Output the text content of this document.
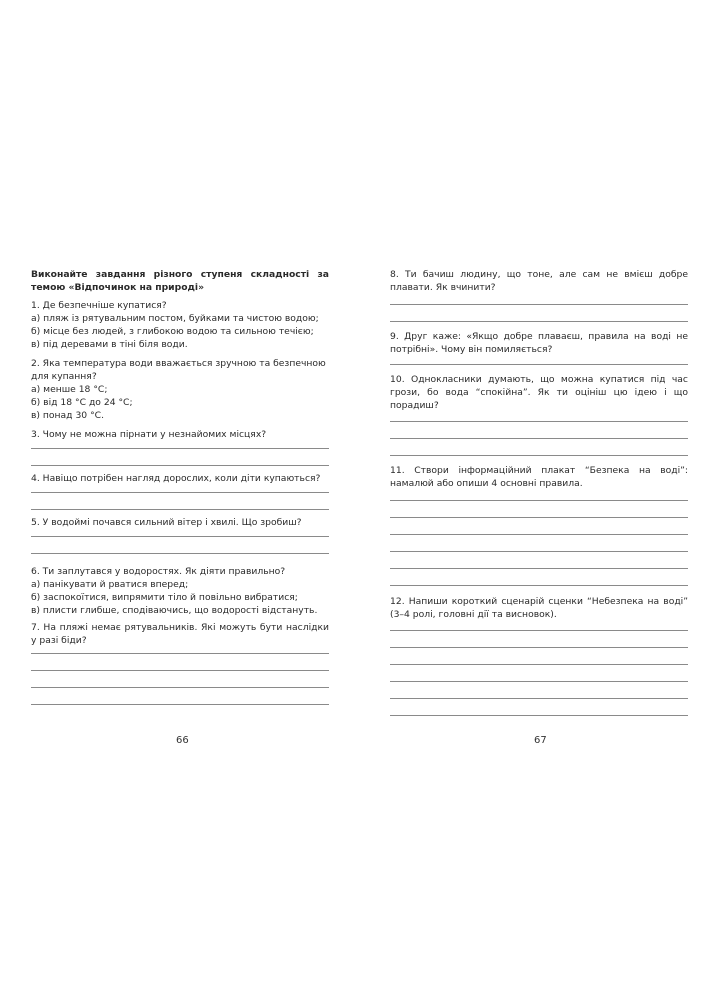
Виконайте завдання різного ступеня складності за темою «Відпочинок на природі»

1. Де безпечніше купатися?

а) пляж із рятувальним постом, буйками та чистою водою;

б) місце без людей, з глибокою водою та сильною течією;

в) під деревами в тіні біля води.

2. Яка температура води вважається зручною та безпечною для купання?

а) менше 18 °C;

б) від 18 °C до 24 °C;

в) понад 30 °C.

3. Чому не можна пірнати у незнайомих місцях?

4. Навіщо потрібен нагляд дорослих, коли діти купаються?

5. У водоймі почався сильний вітер і хвилі. Що зробиш?

6. Ти заплутався у водоростях. Як діяти правильно?

а) панікувати й рватися вперед;

б) заспокоїтися, випрямити тіло й повільно вибратися;

в) плисти глибше, сподіваючись, що водорості відстануть.

7. На пляжі немає рятувальників. Які можуть бути наслідки у разі біди?

8. Ти бачиш людину, що тоне, але сам не вмієш добре плавати. Як вчинити?

9. Друг каже: «Якщо добре плаваєш, правила на воді не потрібні». Чому він помиляється?

10. Однокласники думають, що можна купатися під час грози, бо вода “спокійна”. Як ти оцініш цю ідею і що порадиш?

11. Створи інформаційний плакат “Безпека на воді”: намалюй або опиши 4 основні правила.

12. Напиши короткий сценарій сценки “Небезпека на воді” (3–4 ролі, головні дії та висновок).

66	67
